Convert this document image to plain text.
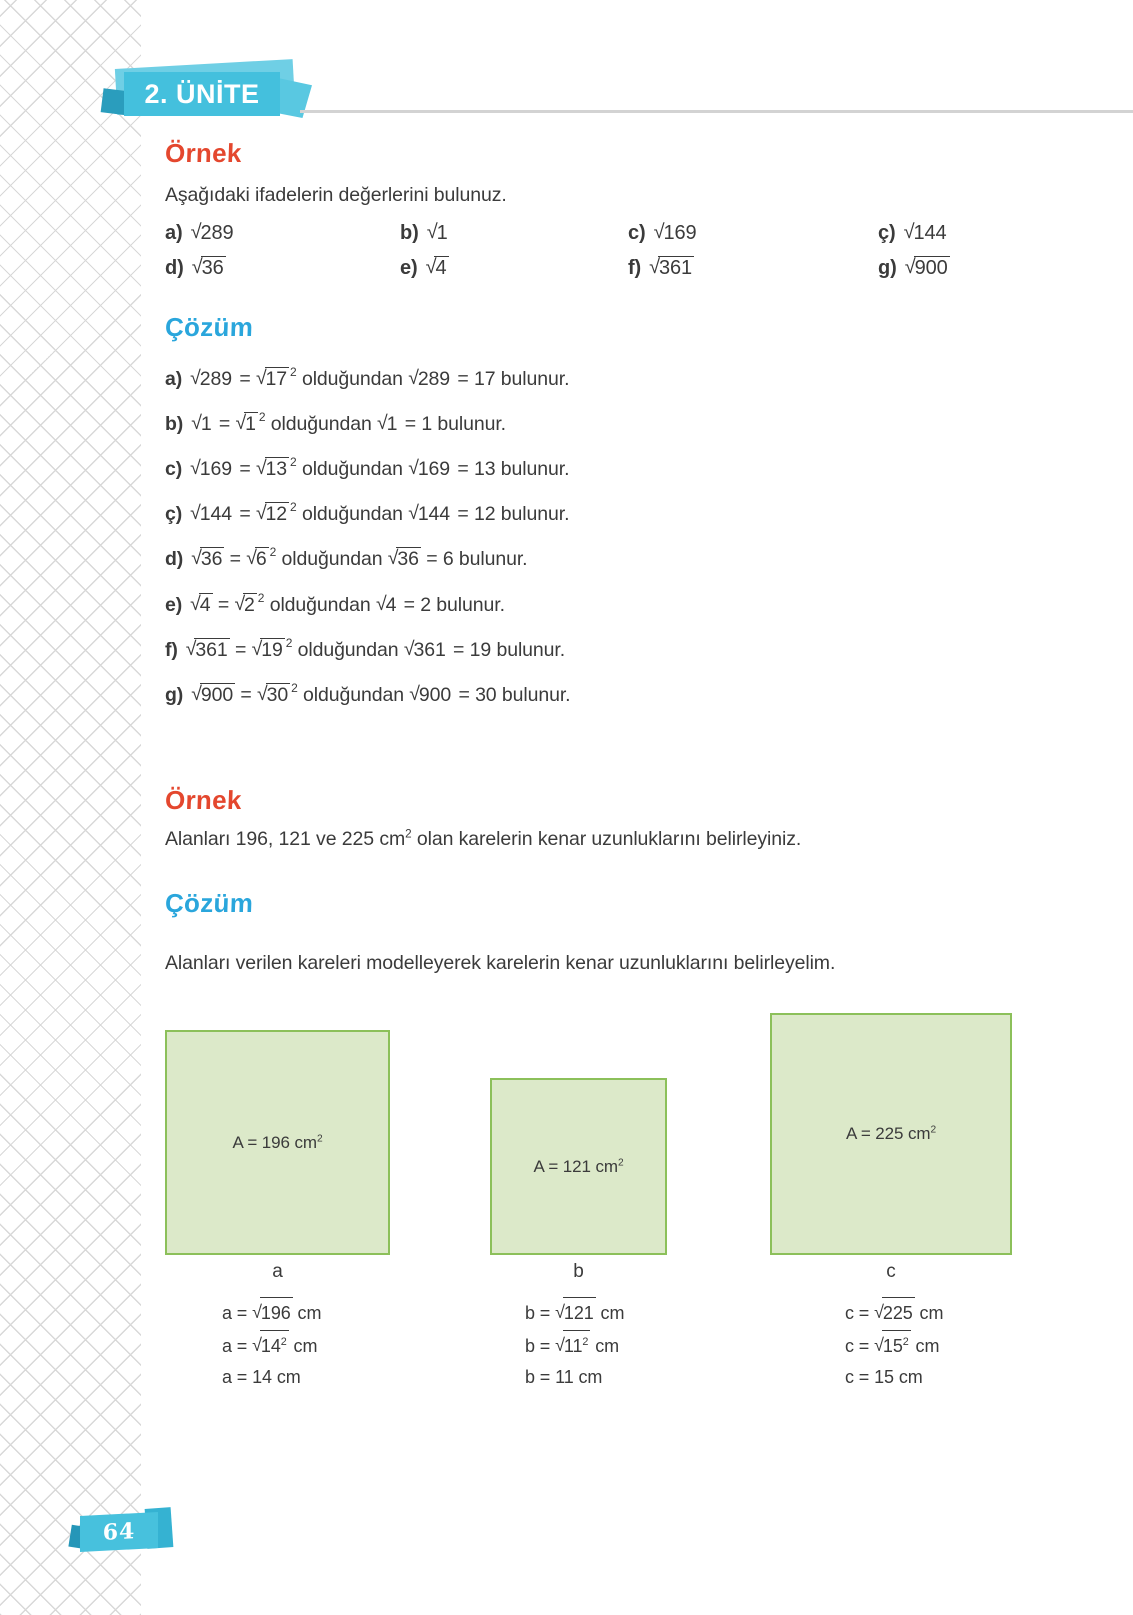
2. ÜNİTE
Örnek
Aşağıdaki ifadelerin değerlerini bulunuz.
a) √289	b) √1	c) √169	ç) √144
d) √36	e) √4	f) √361	g) √900
Çözüm
a) √289 = √17 $^2$ olduğundan √289 = 17 bulunur.
b) √1 = √1 $^2$ olduğundan √1 = 1 bulunur.
c) √169 = √13 $^2$ olduğundan √169 = 13 bulunur.
ç) √144 = √12 $^2$ olduğundan √144 = 12 bulunur.
d) √36 = √6 $^2$ olduğundan √36 = 6 bulunur.
e) √4 = √2 $^2$ olduğundan √4 = 2 bulunur.
f) √361 = √19 $^2$ olduğundan √361 = 19 bulunur.
g) √900 = √30 $^2$ olduğundan √900 = 30 bulunur.
Örnek
Alanları 196, 121 ve 225 $cm^2$ olan karelerin kenar uzunluklarını belirleyiniz.
Çözüm
Alanları verilen kareleri modelleyerek karelerin kenar uzunluklarını belirleyelim.
A = 196 $cm^2$
a
A = 121 $cm^2$
b
A = 225 $cm^2$
c
a = √196 cm
$a = √14^2$ cm
a = 14 cm
b = √121 cm
$b = √11^2$ cm
b = 11 cm
c = √225 cm
$c = √15^2$ cm
c = 15 cm
64
